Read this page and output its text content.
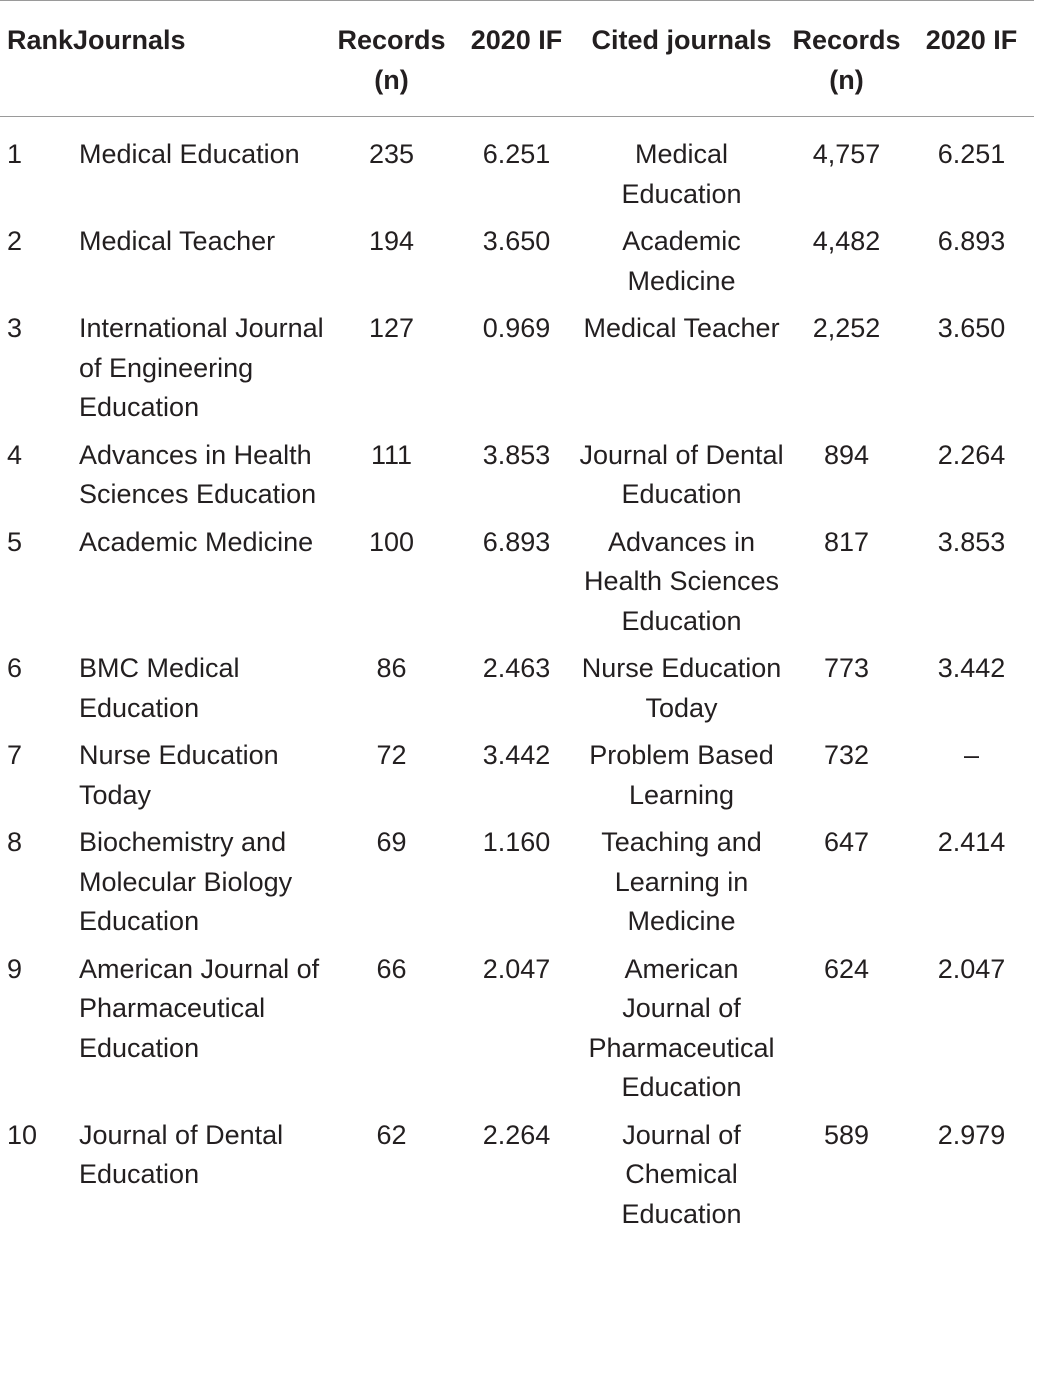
RankJournals		Records (n)	2020 IF	Cited journals	Records (n)	2020 IF
1	Medical Education	235	6.251	Medical Education	4,757	6.251
2	Medical Teacher	194	3.650	Academic Medicine	4,482	6.893
3	International Journal of Engineering Education	127	0.969	Medical Teacher	2,252	3.650
4	Advances in Health Sciences Education	111	3.853	Journal of Dental Education	894	2.264
5	Academic Medicine	100	6.893	Advances in Health Sciences Education	817	3.853
6	BMC Medical Education	86	2.463	Nurse Education Today	773	3.442
7	Nurse Education Today	72	3.442	Problem Based Learning	732	–
8	Biochemistry and Molecular Biology Education	69	1.160	Teaching and Learning in Medicine	647	2.414
9	American Journal of Pharmaceutical Education	66	2.047	American Journal of Pharmaceutical Education	624	2.047
10	Journal of Dental Education	62	2.264	Journal of Chemical Education	589	2.979
